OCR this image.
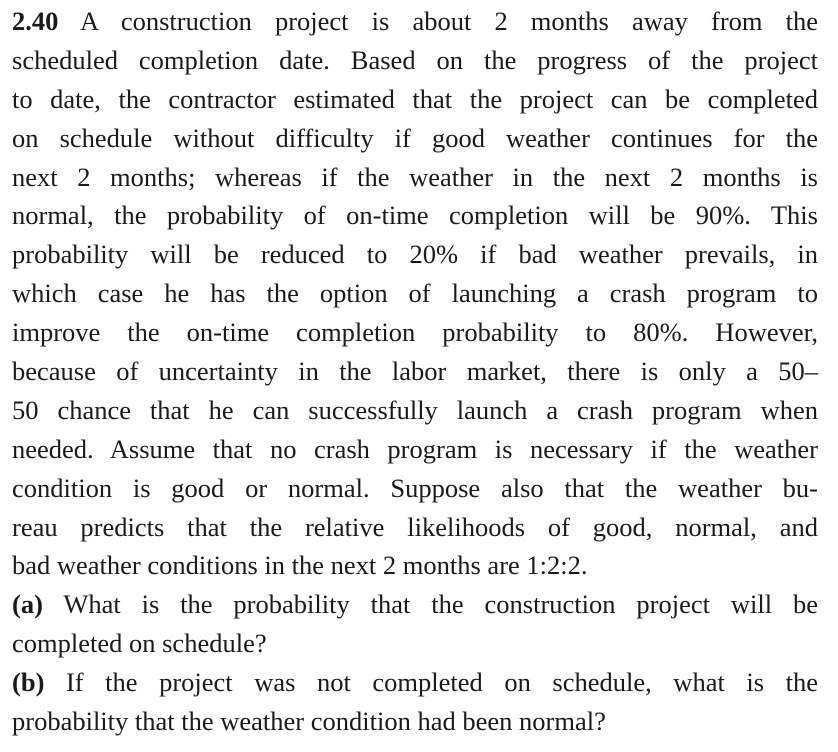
2.40 A construction project is about 2 months away from the
scheduled completion date. Based on the progress of the project
to date, the contractor estimated that the project can be completed
on schedule without difficulty if good weather continues for the
next 2 months; whereas if the weather in the next 2 months is
normal, the probability of on-time completion will be 90%. This
probability will be reduced to 20% if bad weather prevails, in
which case he has the option of launching a crash program to
improve the on-time completion probability to 80%. However,
because of uncertainty in the labor market, there is only a 50–
50 chance that he can successfully launch a crash program when
needed. Assume that no crash program is necessary if the weather
condition is good or normal. Suppose also that the weather bu-
reau predicts that the relative likelihoods of good, normal, and
bad weather conditions in the next 2 months are 1:2:2.
(a) What is the probability that the construction project will be
completed on schedule?
(b) If the project was not completed on schedule, what is the
probability that the weather condition had been normal?
